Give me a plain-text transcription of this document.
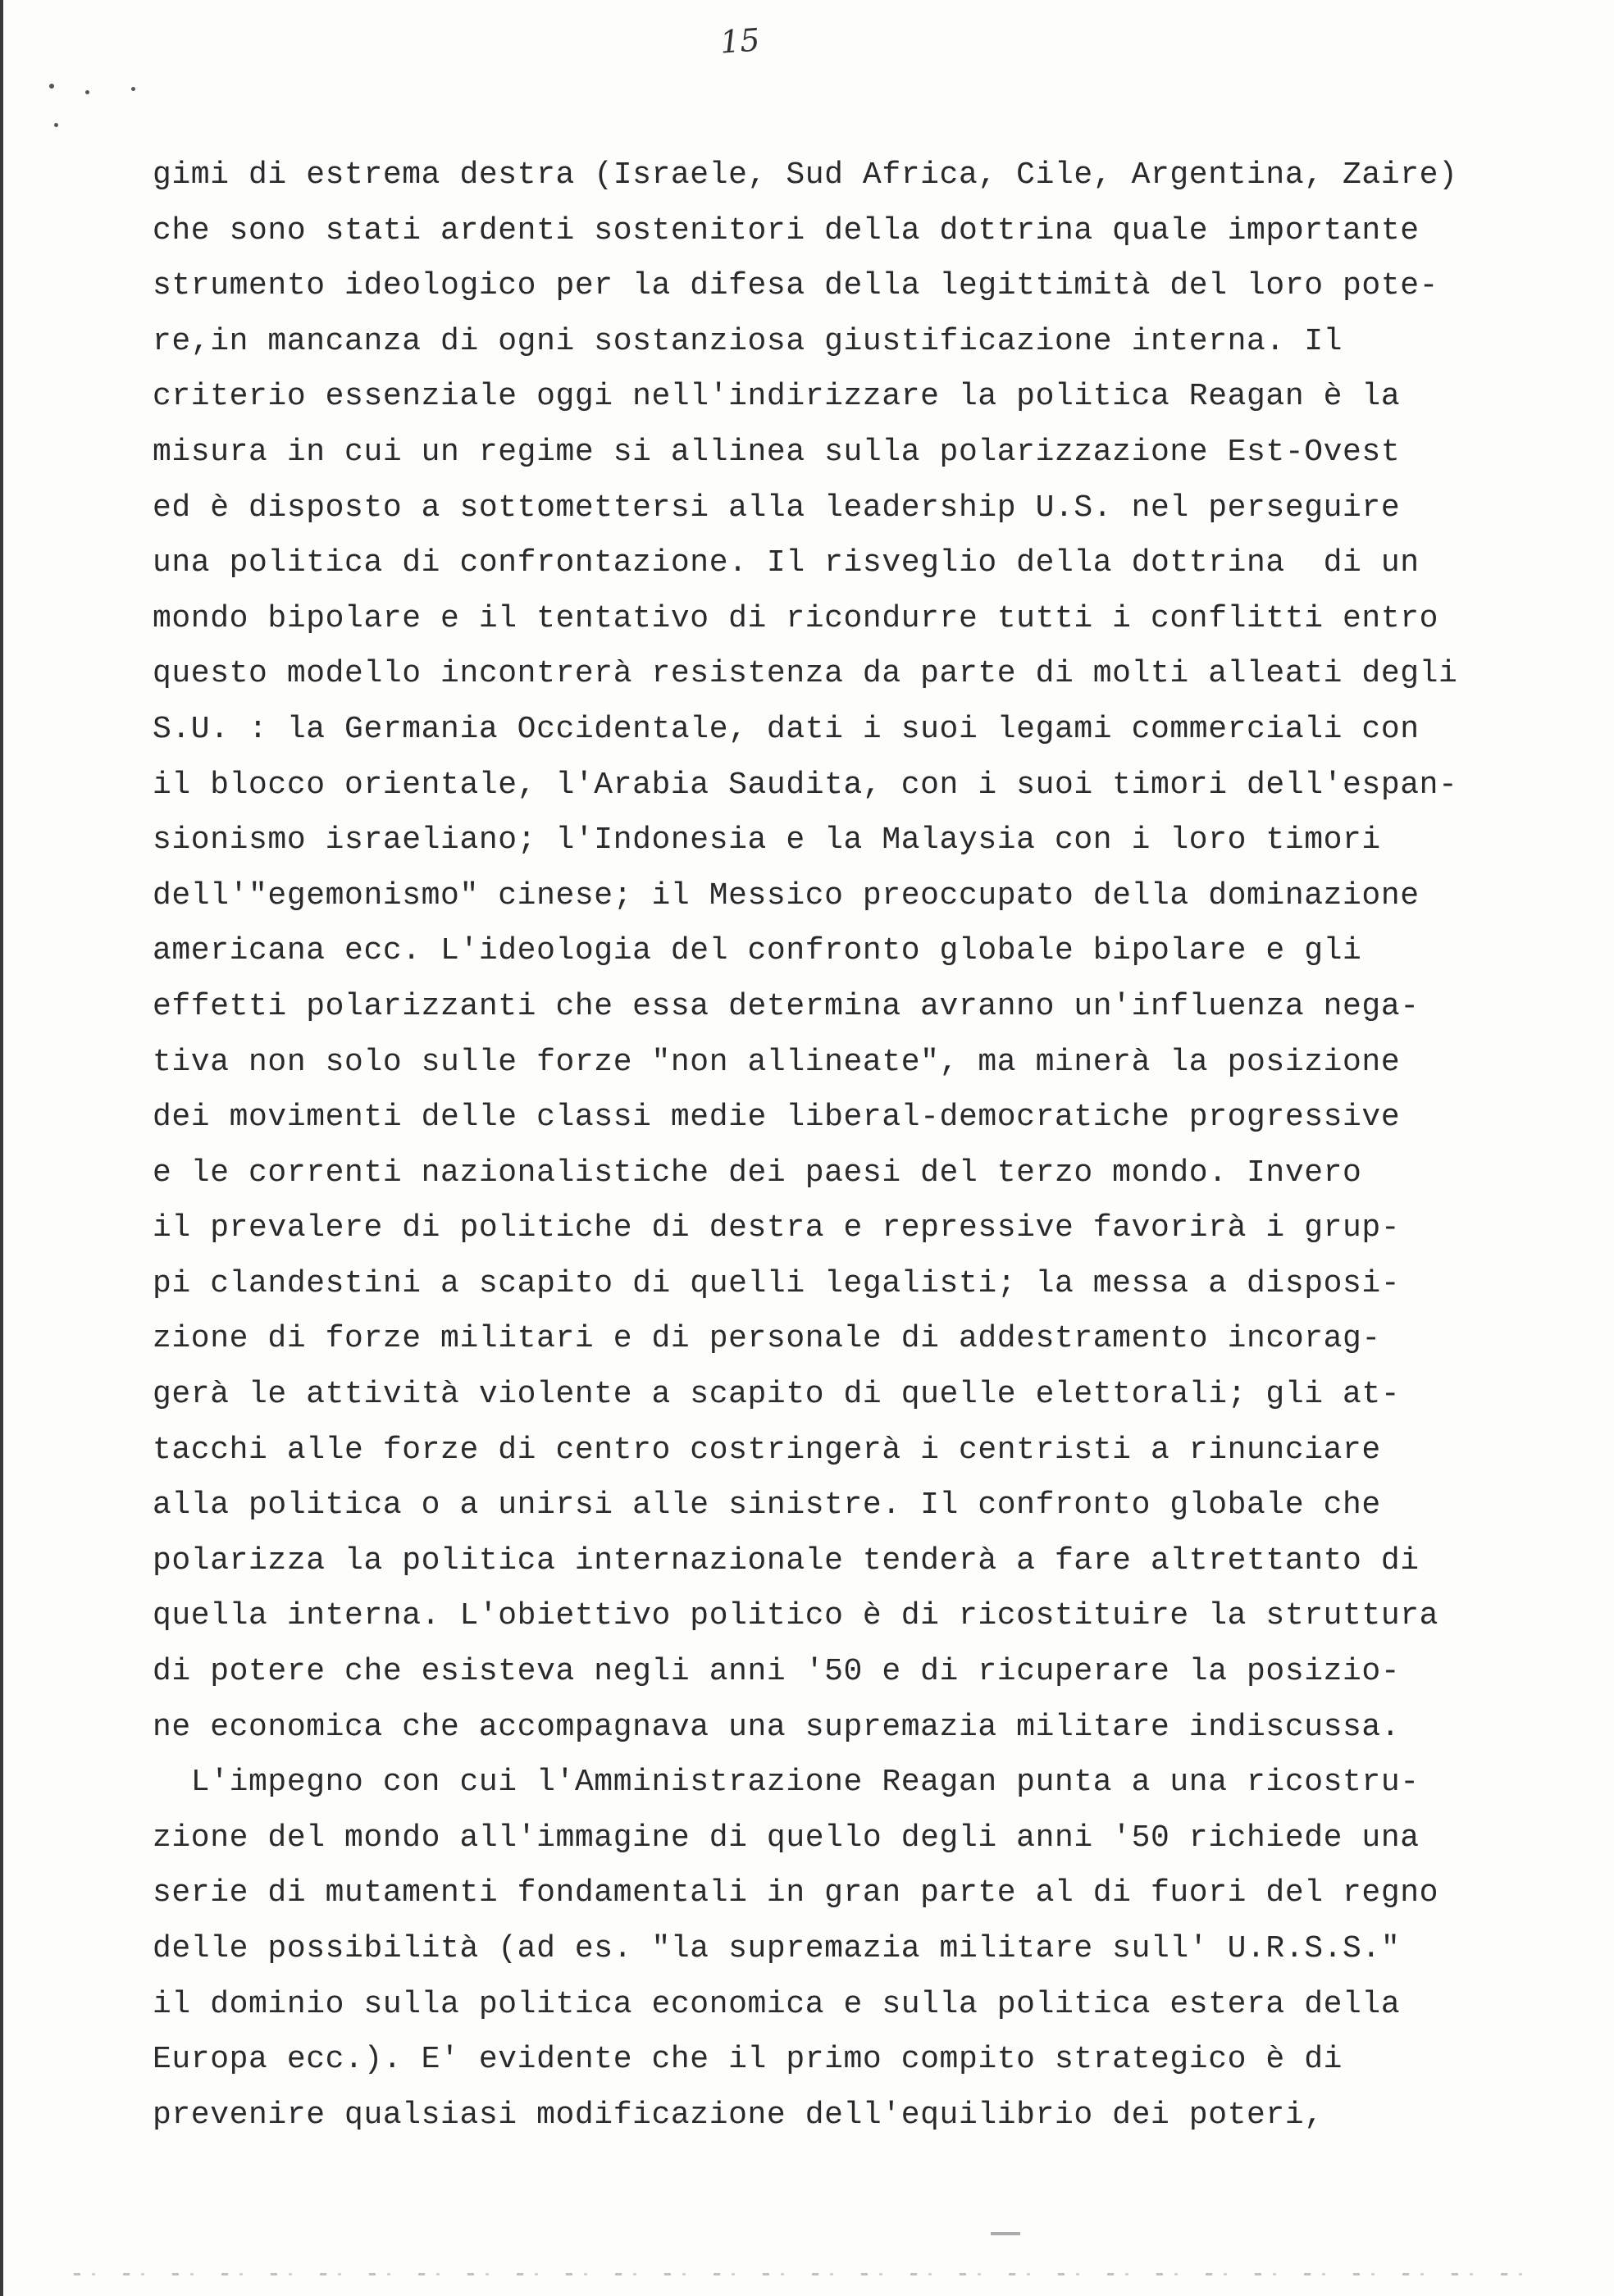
15
gimi di estrema destra (Israele, Sud Africa, Cile, Argentina, Zaire)
che sono stati ardenti sostenitori della dottrina quale importante
strumento ideologico per la difesa della legittimità del loro pote-
re,in mancanza di ogni sostanziosa giustificazione interna. Il
criterio essenziale oggi nell'indirizzare la politica Reagan è la
misura in cui un regime si allinea sulla polarizzazione Est-Ovest
ed è disposto a sottomettersi alla leadership U.S. nel perseguire
una politica di confrontazione. Il risveglio della dottrina  di un
mondo bipolare e il tentativo di ricondurre tutti i conflitti entro
questo modello incontrerà resistenza da parte di molti alleati degli
S.U. : la Germania Occidentale, dati i suoi legami commerciali con
il blocco orientale, l'Arabia Saudita, con i suoi timori dell'espan-
sionismo israeliano; l'Indonesia e la Malaysia con i loro timori
dell'"egemonismo" cinese; il Messico preoccupato della dominazione
americana ecc. L'ideologia del confronto globale bipolare e gli
effetti polarizzanti che essa determina avranno un'influenza nega-
tiva non solo sulle forze "non allineate", ma minerà la posizione
dei movimenti delle classi medie liberal-democratiche progressive
e le correnti nazionalistiche dei paesi del terzo mondo. Invero
il prevalere di politiche di destra e repressive favorirà i grup-
pi clandestini a scapito di quelli legalisti; la messa a disposi-
zione di forze militari e di personale di addestramento incorag-
gerà le attività violente a scapito di quelle elettorali; gli at-
tacchi alle forze di centro costringerà i centristi a rinunciare
alla politica o a unirsi alle sinistre. Il confronto globale che
polarizza la politica internazionale tenderà a fare altrettanto di
quella interna. L'obiettivo politico è di ricostituire la struttura
di potere che esisteva negli anni '50 e di ricuperare la posizio-
ne economica che accompagnava una supremazia militare indiscussa.
L'impegno con cui l'Amministrazione Reagan punta a una ricostru-
zione del mondo all'immagine di quello degli anni '50 richiede una
serie di mutamenti fondamentali in gran parte al di fuori del regno
delle possibilità (ad es. "la supremazia militare sull' U.R.S.S."
il dominio sulla politica economica e sulla politica estera della
Europa ecc.). E' evidente che il primo compito strategico è di
prevenire qualsiasi modificazione dell'equilibrio dei poteri,
